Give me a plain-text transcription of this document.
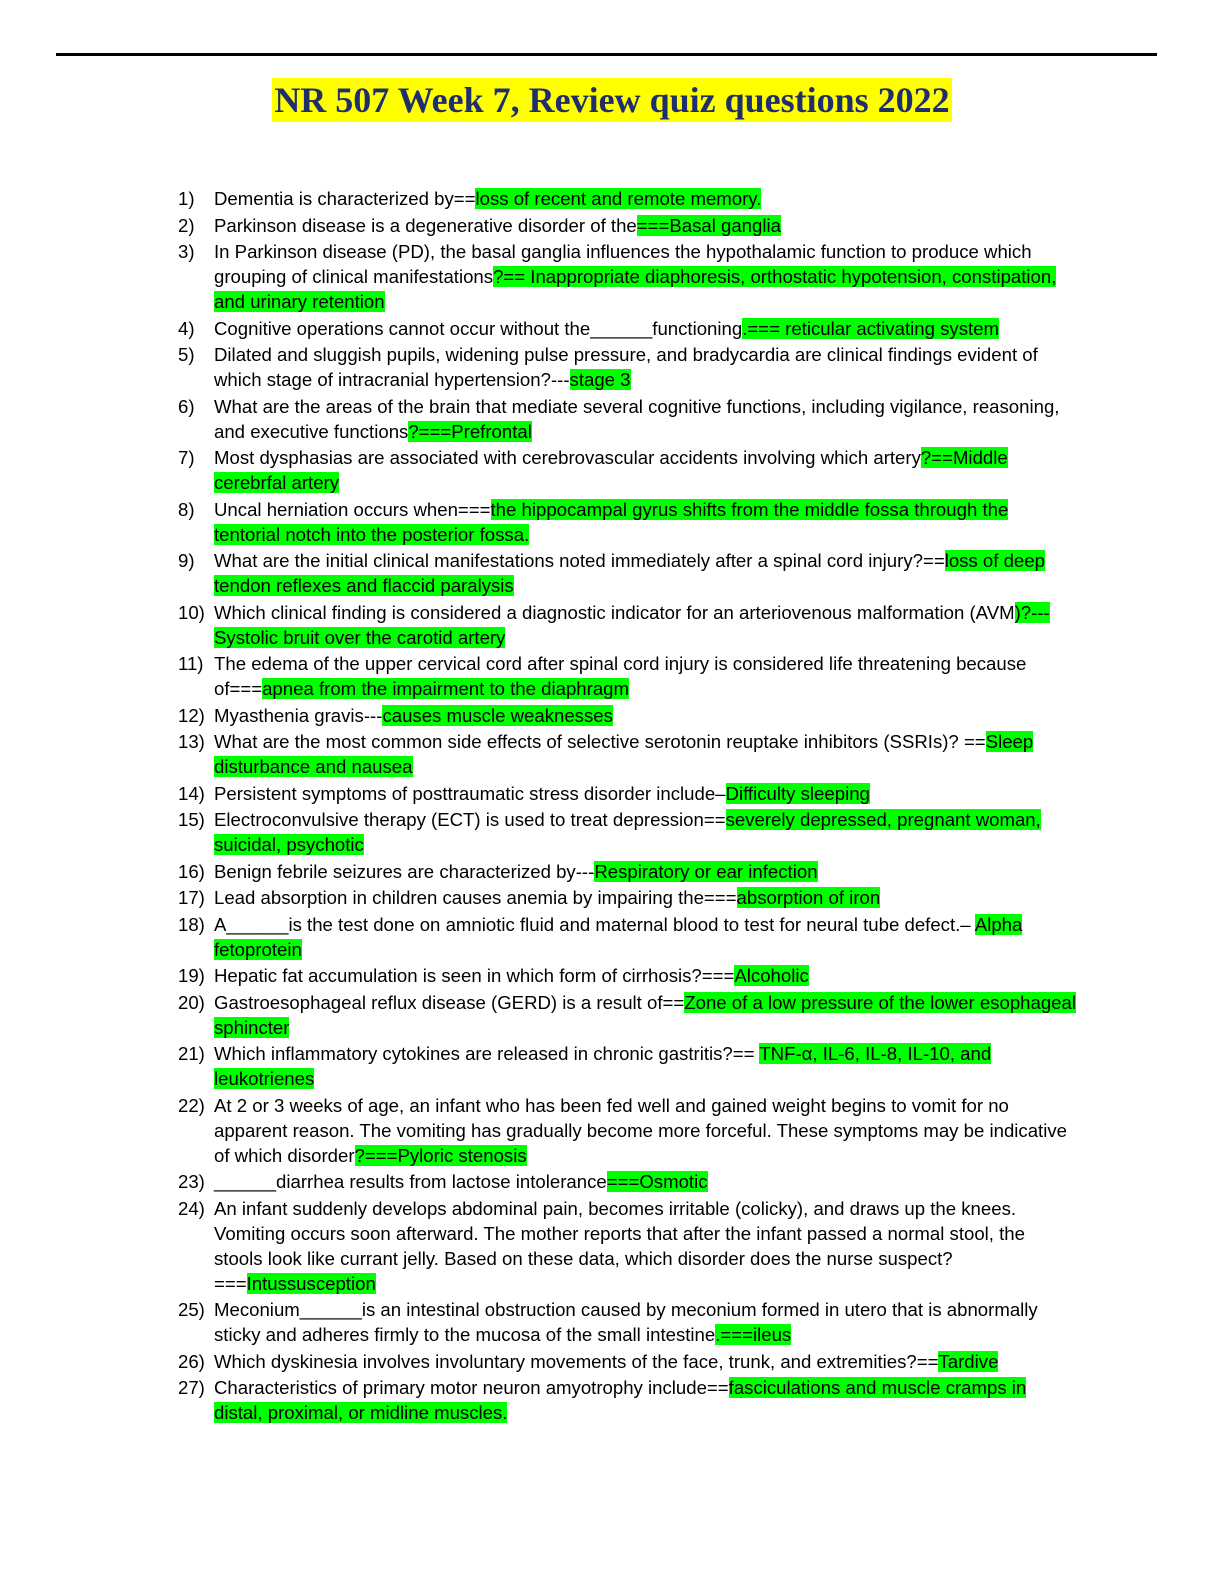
NR 507 Week 7, Review quiz questions 2022
1)	Dementia is characterized by==loss of recent and remote memory.
2)	Parkinson disease is a degenerative disorder of the===Basal ganglia
3)	In Parkinson disease (PD), the basal ganglia influences the hypothalamic function to produce which grouping of clinical manifestations?== Inappropriate diaphoresis, orthostatic hypotension, constipation, and urinary retention
4)	Cognitive operations cannot occur without the______functioning.=== reticular activating system
5)	Dilated and sluggish pupils, widening pulse pressure, and bradycardia are clinical findings evident of which stage of intracranial hypertension?---stage 3
6)	What are the areas of the brain that mediate several cognitive functions, including vigilance, reasoning, and executive functions?===Prefrontal
7)	Most dysphasias are associated with cerebrovascular accidents involving which artery?==Middle cerebrfal artery
8)	Uncal herniation occurs when===the hippocampal gyrus shifts from the middle fossa through the tentorial notch into the posterior fossa.
9)	What are the initial clinical manifestations noted immediately after a spinal cord injury?==loss of deep tendon reflexes and flaccid paralysis
10) Which clinical finding is considered a diagnostic indicator for an arteriovenous malformation (AVM)?---Systolic bruit over the carotid artery
11) The edema of the upper cervical cord after spinal cord injury is considered life threatening because of===apnea from the impairment to the diaphragm
12) Myasthenia gravis---causes muscle weaknesses
13) What are the most common side effects of selective serotonin reuptake inhibitors (SSRIs)? ==Sleep disturbance and nausea
14) Persistent symptoms of posttraumatic stress disorder include–Difficulty sleeping
15) Electroconvulsive therapy (ECT) is used to treat depression==severely depressed, pregnant woman, suicidal, psychotic
16) Benign febrile seizures are characterized by---Respiratory or ear infection
17) Lead absorption in children causes anemia by impairing the===absorption of iron
18) A______is the test done on amniotic fluid and maternal blood to test for neural tube defect.– Alpha fetoprotein
19) Hepatic fat accumulation is seen in which form of cirrhosis?===Alcoholic
20) Gastroesophageal reflux disease (GERD) is a result of==Zone of a low pressure of the lower esophageal sphincter
21) Which inflammatory cytokines are released in chronic gastritis?== TNF-α, IL-6, IL-8, IL-10, and leukotrienes
22) At 2 or 3 weeks of age, an infant who has been fed well and gained weight begins to vomit for no apparent reason. The vomiting has gradually become more forceful. These symptoms may be indicative of which disorder?===Pyloric stenosis
23) ______diarrhea results from lactose intolerance===Osmotic
24) An infant suddenly develops abdominal pain, becomes irritable (colicky), and draws up the knees. Vomiting occurs soon afterward. The mother reports that after the infant passed a normal stool, the stools look like currant jelly. Based on these data, which disorder does the nurse suspect? ===Intussusception
25) Meconium______is an intestinal obstruction caused by meconium formed in utero that is abnormally sticky and adheres firmly to the mucosa of the small intestine.===ileus
26) Which dyskinesia involves involuntary movements of the face, trunk, and extremities?==Tardive
27) Characteristics of primary motor neuron amyotrophy include==fasciculations and muscle cramps in distal, proximal, or midline muscles.
